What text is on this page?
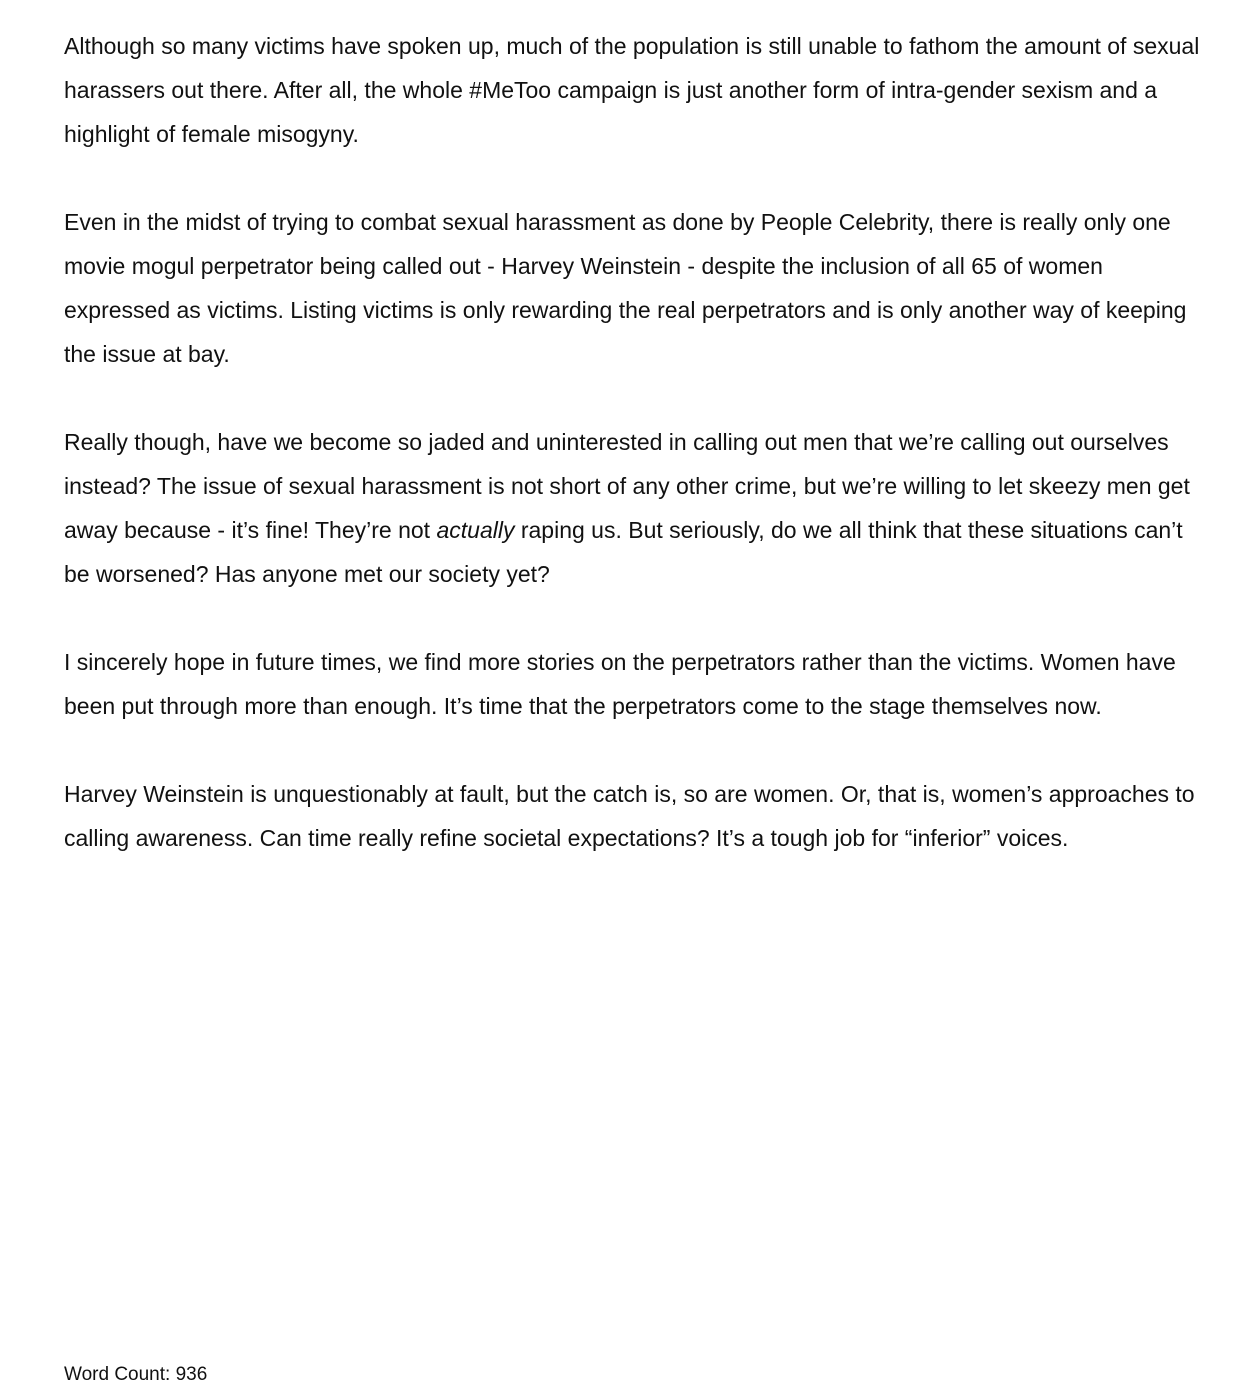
Although so many victims have spoken up, much of the population is still unable to fathom the amount of sexual harassers out there. After all, the whole #MeToo campaign is just another form of intra-gender sexism and a highlight of female misogyny.

Even in the midst of trying to combat sexual harassment as done by People Celebrity, there is really only one movie mogul perpetrator being called out - Harvey Weinstein - despite the inclusion of all 65 of women expressed as victims. Listing victims is only rewarding the real perpetrators and is only another way of keeping the issue at bay.

Really though, have we become so jaded and uninterested in calling out men that we’re calling out ourselves instead? The issue of sexual harassment is not short of any other crime, but we’re willing to let skeezy men get away because - it’s fine! They’re not actually raping us. But seriously, do we all think that these situations can’t be worsened? Has anyone met our society yet?

I sincerely hope in future times, we find more stories on the perpetrators rather than the victims. Women have been put through more than enough. It’s time that the perpetrators come to the stage themselves now.

Harvey Weinstein is unquestionably at fault, but the catch is, so are women. Or, that is, women’s approaches to calling awareness. Can time really refine societal expectations? It’s a tough job for “inferior” voices.

Word Count: 936
